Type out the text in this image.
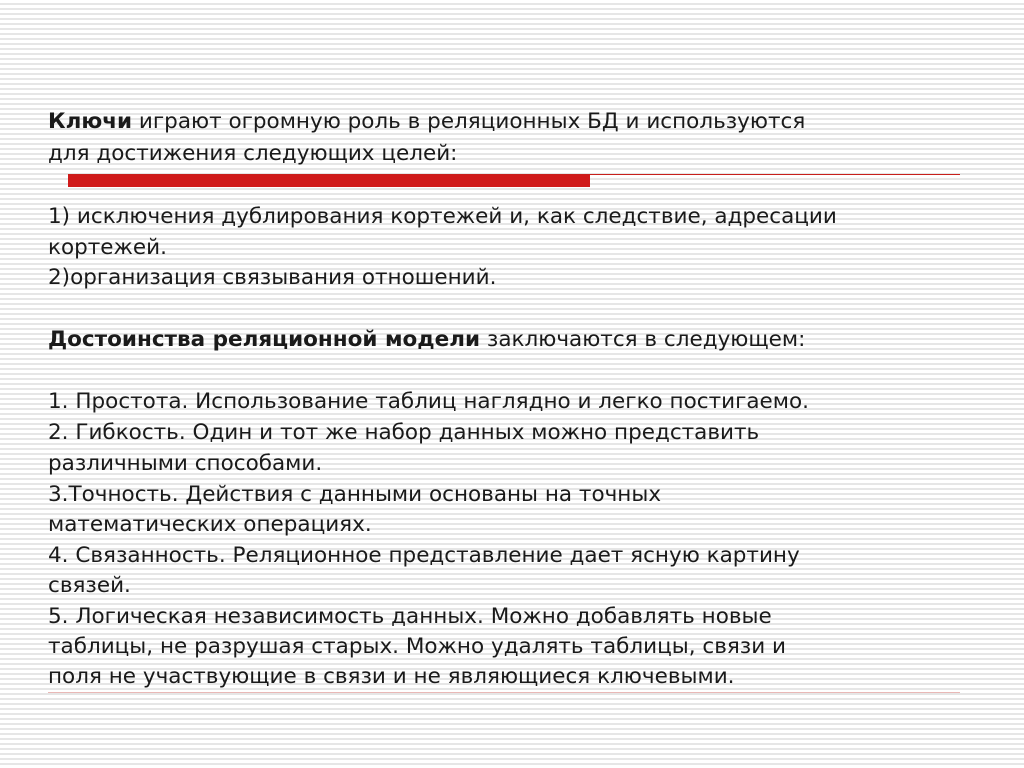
Ключи играют огромную роль в реляционных БД и используются

для достижения следующих целей:

1) исключения дублирования кортежей и, как следствие, адресации

кортежей.

2)организация связывания отношений.

Достоинства реляционной модели заключаются в следующем:

1. Простота. Использование таблиц наглядно и легко постигаемо.

2. Гибкость. Один и тот же набор данных можно представить

различными способами.

3.Точность. Действия с данными основаны на точных

математических операциях.

4. Связанность. Реляционное представление дает ясную картину

связей.

5. Логическая независимость данных. Можно добавлять новые

таблицы, не разрушая старых. Можно удалять таблицы, связи и

поля не участвующие в связи и не являющиеся ключевыми.
